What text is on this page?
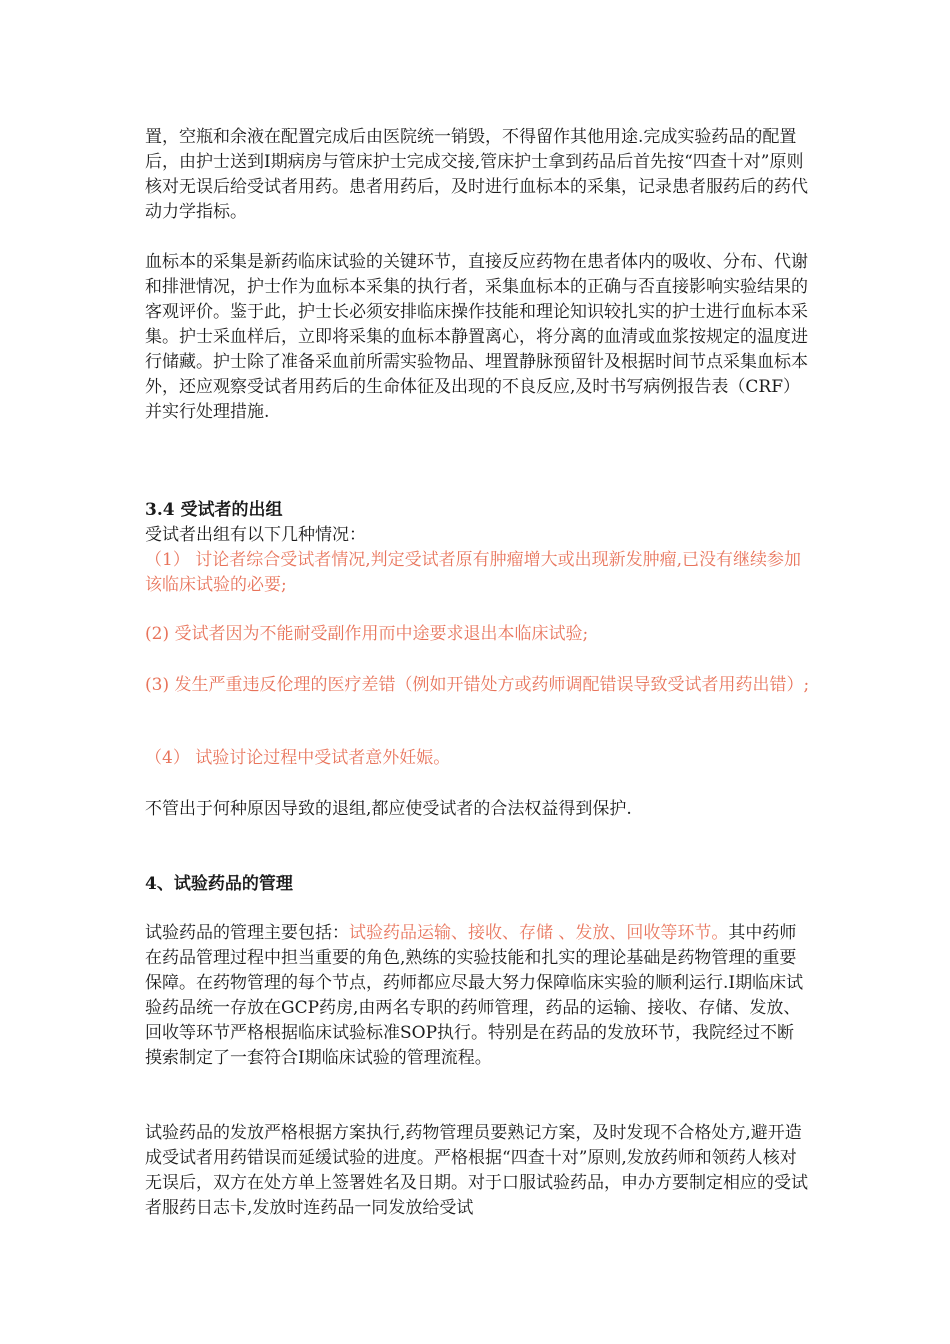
置，空瓶和余液在配置完成后由医院统一销毁，不得留作其他用途.完成实验药品的配置后，由护士送到Ⅰ期病房与管床护士完成交接,管床护士拿到药品后首先按“四查十对”原则核对无误后给受试者用药。患者用药后，及时进行血标本的采集，记录患者服药后的药代动力学指标。

血标本的采集是新药临床试验的关键环节，直接反应药物在患者体内的吸收、分布、代谢和排泄情况，护士作为血标本采集的执行者，采集血标本的正确与否直接影响实验结果的客观评价。鉴于此，护士长必须安排临床操作技能和理论知识较扎实的护士进行血标本采集。护士采血样后，立即将采集的血标本静置离心，将分离的血清或血浆按规定的温度进行储藏。护士除了准备采血前所需实验物品、埋置静脉预留针及根据时间节点采集血标本外，还应观察受试者用药后的生命体征及出现的不良反应,及时书写病例报告表（CRF）并实行处理措施.

3.4 受试者的出组

受试者出组有以下几种情况：

（1） 讨论者综合受试者情况,判定受试者原有肿瘤增大或出现新发肿瘤,已没有继续参加该临床试验的必要;

(2) 受试者因为不能耐受副作用而中途要求退出本临床试验;

(3) 发生严重违反伦理的医疗差错（例如开错处方或药师调配错误导致受试者用药出错）;

（4） 试验讨论过程中受试者意外妊娠。

不管出于何种原因导致的退组,都应使受试者的合法权益得到保护.

4、试验药品的管理

试验药品的管理主要包括：试验药品运输、接收、存储 、发放、回收等环节。其中药师在药品管理过程中担当重要的角色,熟练的实验技能和扎实的理论基础是药物管理的重要保障。在药物管理的每个节点，药师都应尽最大努力保障临床实验的顺利运行.Ⅰ期临床试验药品统一存放在GCP药房,由两名专职的药师管理，药品的运输、接收、存储、发放、回收等环节严格根据临床试验标准SOP执行。特别是在药品的发放环节，我院经过不断摸索制定了一套符合Ⅰ期临床试验的管理流程。

试验药品的发放严格根据方案执行,药物管理员要熟记方案，及时发现不合格处方,避开造成受试者用药错误而延缓试验的进度。严格根据“四查十对”原则,发放药师和领药人核对无误后，双方在处方单上签署姓名及日期。对于口服试验药品，申办方要制定相应的受试者服药日志卡,发放时连药品一同发放给受试
